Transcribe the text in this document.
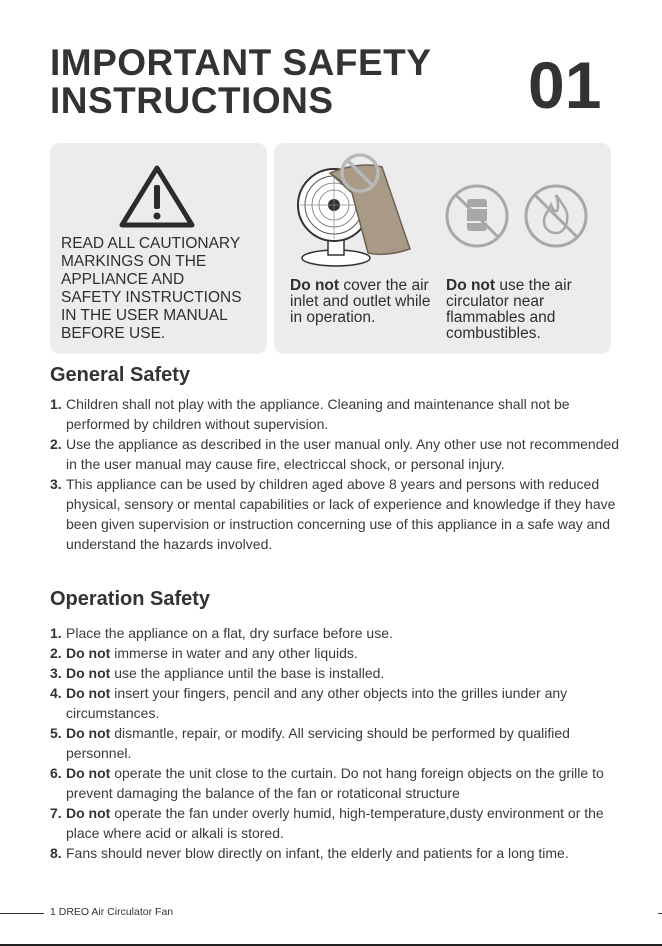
IMPORTANT SAFETY
INSTRUCTIONS	01

READ ALL CAUTIONARY
MARKINGS ON THE
APPLIANCE AND
SAFETY INSTRUCTIONS
IN THE USER MANUAL
BEFORE USE.

Do not cover the air inlet and outlet while in operation.

Do not use the air circulator near flammables and combustibles.

General Safety
1. Children shall not play with the appliance. Cleaning and maintenance shall not be performed by children without supervision.
2. Use the appliance as described in the user manual only. Any other use not recommended in the user manual may cause fire, electriccal shock, or personal injury.
3. This appliance can be used by children aged above 8 years and persons with reduced physical, sensory or mental capabilities or lack of experience and knowledge if they have been given supervision or instruction concerning use of this appliance in a safe way and understand the hazards involved.
Operation Safety
1. Place the appliance on a flat, dry surface before use.
2. Do not immerse in water and any other liquids.
3. Do not use the appliance until the base is installed.
4. Do not insert your fingers, pencil and any other objects into the grilles iunder any circumstances.
5. Do not dismantle, repair, or modify. All servicing should be performed by qualified personnel.
6. Do not operate the unit close to the curtain. Do not hang foreign objects on the grille to prevent damaging the balance of the fan or rotaticonal structure
7. Do not operate the fan under overly humid, high-temperature,dusty environment or the place where acid or alkali is stored.
8. Fans should never blow directly on infant, the elderly and patients for a long time.
1 DREO Air Circulator Fan
